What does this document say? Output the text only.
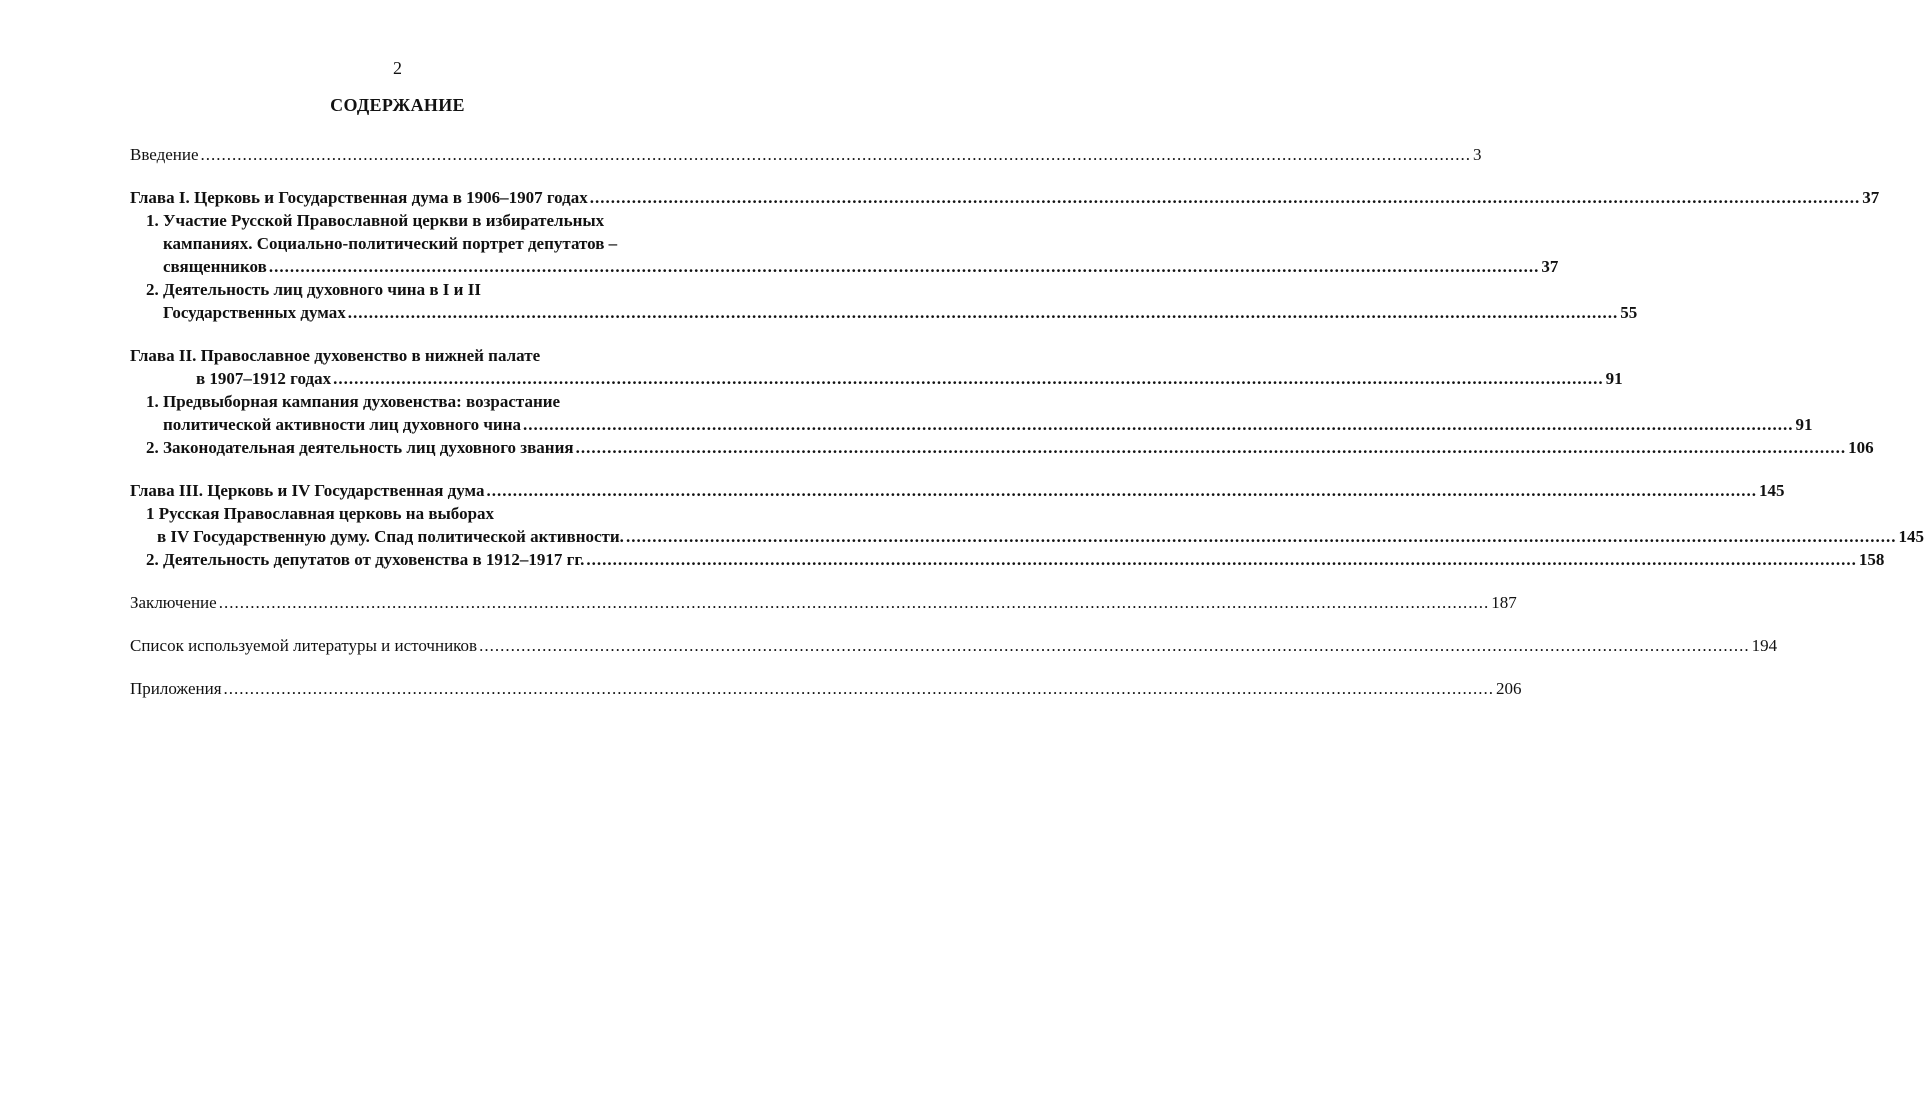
2
СОДЕРЖАНИЕ
Введение .................................................................................................................................................................................................................................................. 3
Глава I. Церковь и Государственная дума в 1906–1907 годах .................................................................................................................................................................................................................................................. 37
1. Участие Русской Православной церкви в избирательных
кампаниях. Социально-политический портрет депутатов –
священников .................................................................................................................................................................................................................................................. 37
2. Деятельность лиц духовного чина в I и II
Государственных думах .................................................................................................................................................................................................................................................. 55
Глава II. Православное духовенство в нижней палате
в 1907–1912 годах .................................................................................................................................................................................................................................................. 91
1. Предвыборная кампания духовенства: возрастание
политической активности лиц духовного чина .................................................................................................................................................................................................................................................. 91
2. Законодательная деятельность лиц духовного звания .................................................................................................................................................................................................................................................. 106
Глава III. Церковь и IV Государственная дума .................................................................................................................................................................................................................................................. 145
1 Русская Православная церковь на выборах
в IV Государственную думу. Спад политической активности. .................................................................................................................................................................................................................................................. 145
2. Деятельность депутатов от духовенства в 1912–1917 гг. .................................................................................................................................................................................................................................................. 158
Заключение .................................................................................................................................................................................................................................................. 187
Список используемой литературы и источников .................................................................................................................................................................................................................................................. 194
Приложения .................................................................................................................................................................................................................................................. 206
